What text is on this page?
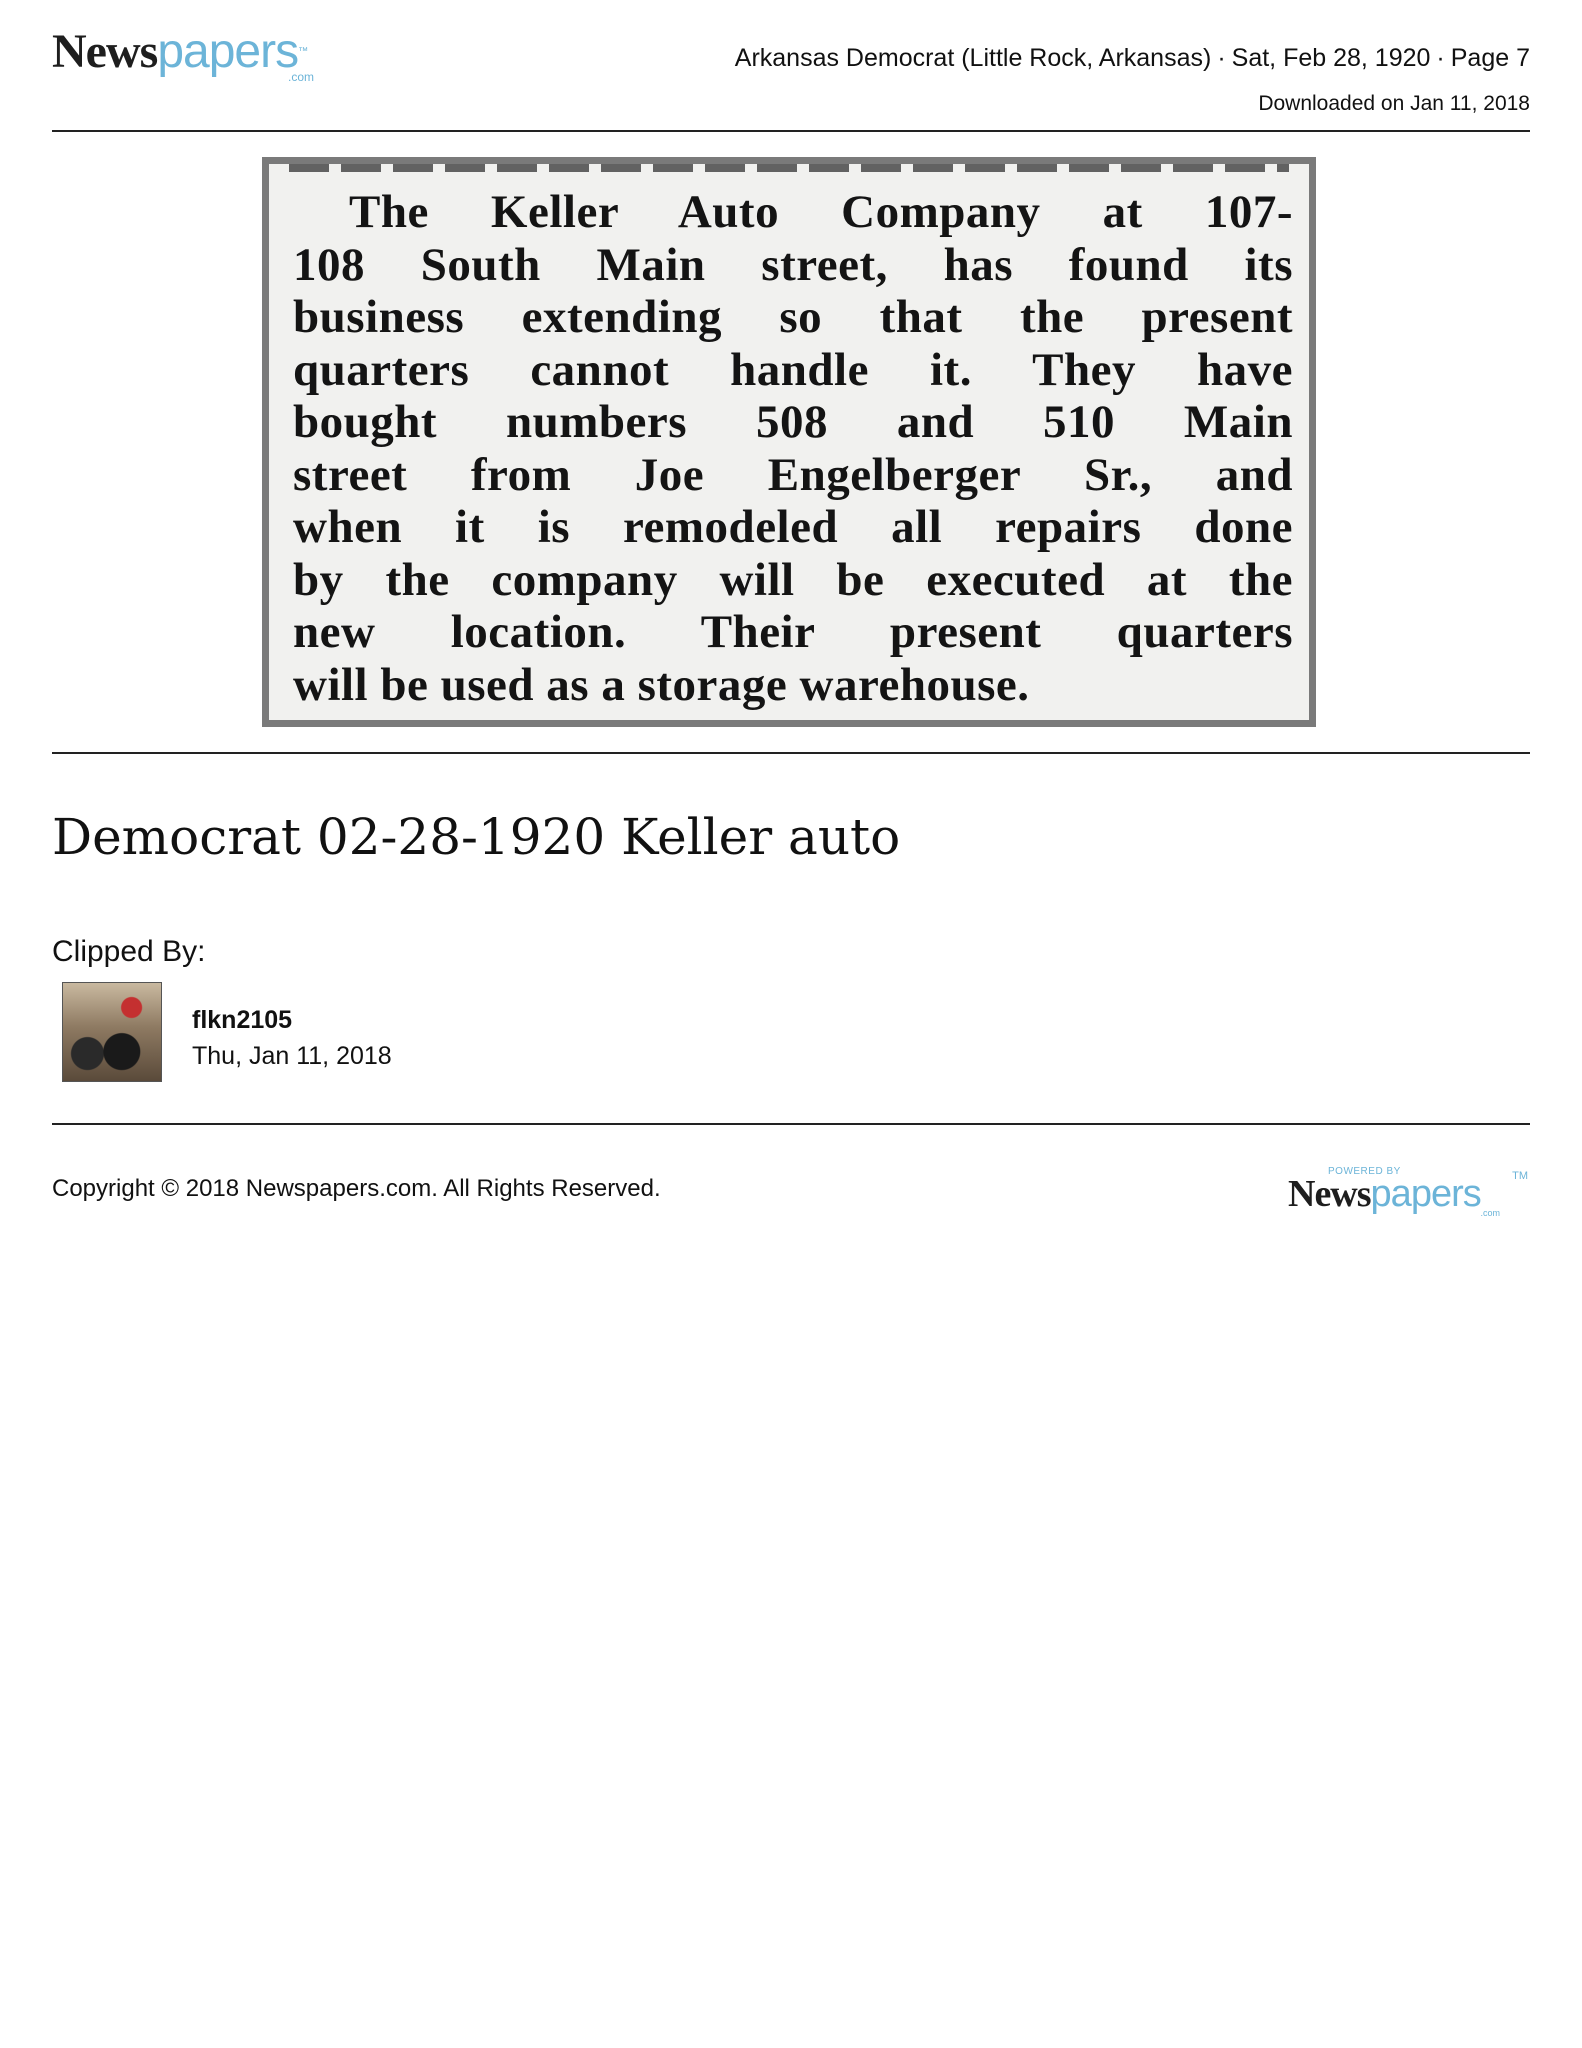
Newspapers™
.com
Arkansas Democrat (Little Rock, Arkansas) · Sat, Feb 28, 1920 · Page 7
Downloaded on Jan 11, 2018
The Keller Auto Company at 107-
108 South Main street, has found its
business extending so that the present
quarters cannot handle it. They have
bought numbers 508 and 510 Main
street from Joe Engelberger Sr., and
when it is remodeled all repairs done
by the company will be executed at the
new location. Their present quarters
will be used as a storage warehouse.
Democrat 02-28-1920 Keller auto
Clipped By:
flkn2105
Thu, Jan 11, 2018
Copyright © 2018 Newspapers.com. All Rights Reserved.
POWERED BY
Newspapers	TM
.com
